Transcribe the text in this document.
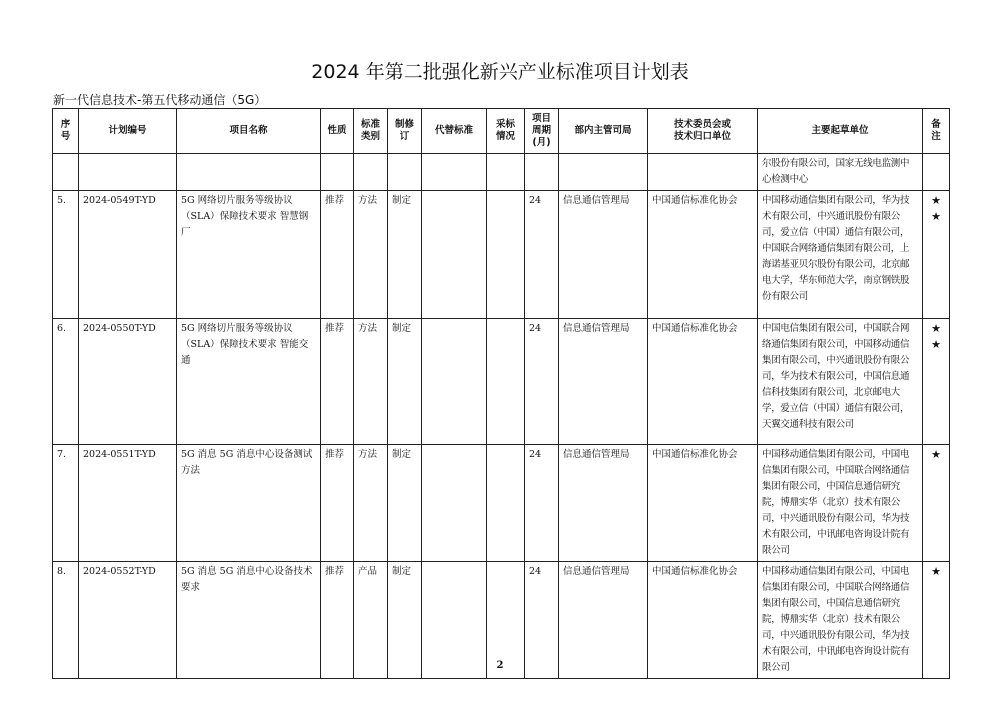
2024 年第二批强化新兴产业标准项目计划表
新一代信息技术-第五代移动通信（5G）
序
号	计划编号	项目名称	性质	标准
类别	制修
订	代替标准	采标
情况	项目
周期
(月)	部内主管司局	技术委员会或
技术归口单位	主要起草单位	备
注
											尔股份有限公司，国家无线电监测中心检测中心	
5.	2024-0549T-YD	5G 网络切片服务等级协议（SLA）保障技术要求 智慧钢厂	推荐	方法	制定			24	信息通信管理局	中国通信标准化协会	中国移动通信集团有限公司，华为技术有限公司，中兴通讯股份有限公司，爱立信（中国）通信有限公司，中国联合网络通信集团有限公司，上海诺基亚贝尔股份有限公司，北京邮电大学，华东师范大学，南京钢铁股份有限公司	★
★
6.	2024-0550T-YD	5G 网络切片服务等级协议（SLA）保障技术要求 智能交通	推荐	方法	制定			24	信息通信管理局	中国通信标准化协会	中国电信集团有限公司，中国联合网络通信集团有限公司，中国移动通信集团有限公司，中兴通讯股份有限公司，华为技术有限公司，中国信息通信科技集团有限公司，北京邮电大学，爱立信（中国）通信有限公司，天翼交通科技有限公司	★
★
7.	2024-0551T-YD	5G 消息 5G 消息中心设备测试方法	推荐	方法	制定			24	信息通信管理局	中国通信标准化协会	中国移动通信集团有限公司，中国电信集团有限公司，中国联合网络通信集团有限公司，中国信息通信研究院，博鼎实华（北京）技术有限公司，中兴通讯股份有限公司，华为技术有限公司，中讯邮电咨询设计院有限公司	★
8.	2024-0552T-YD	5G 消息 5G 消息中心设备技术要求	推荐	产品	制定			24	信息通信管理局	中国通信标准化协会	中国移动通信集团有限公司，中国电信集团有限公司，中国联合网络通信集团有限公司，中国信息通信研究院，博鼎实华（北京）技术有限公司，中兴通讯股份有限公司，华为技术有限公司，中讯邮电咨询设计院有限公司	★
2
